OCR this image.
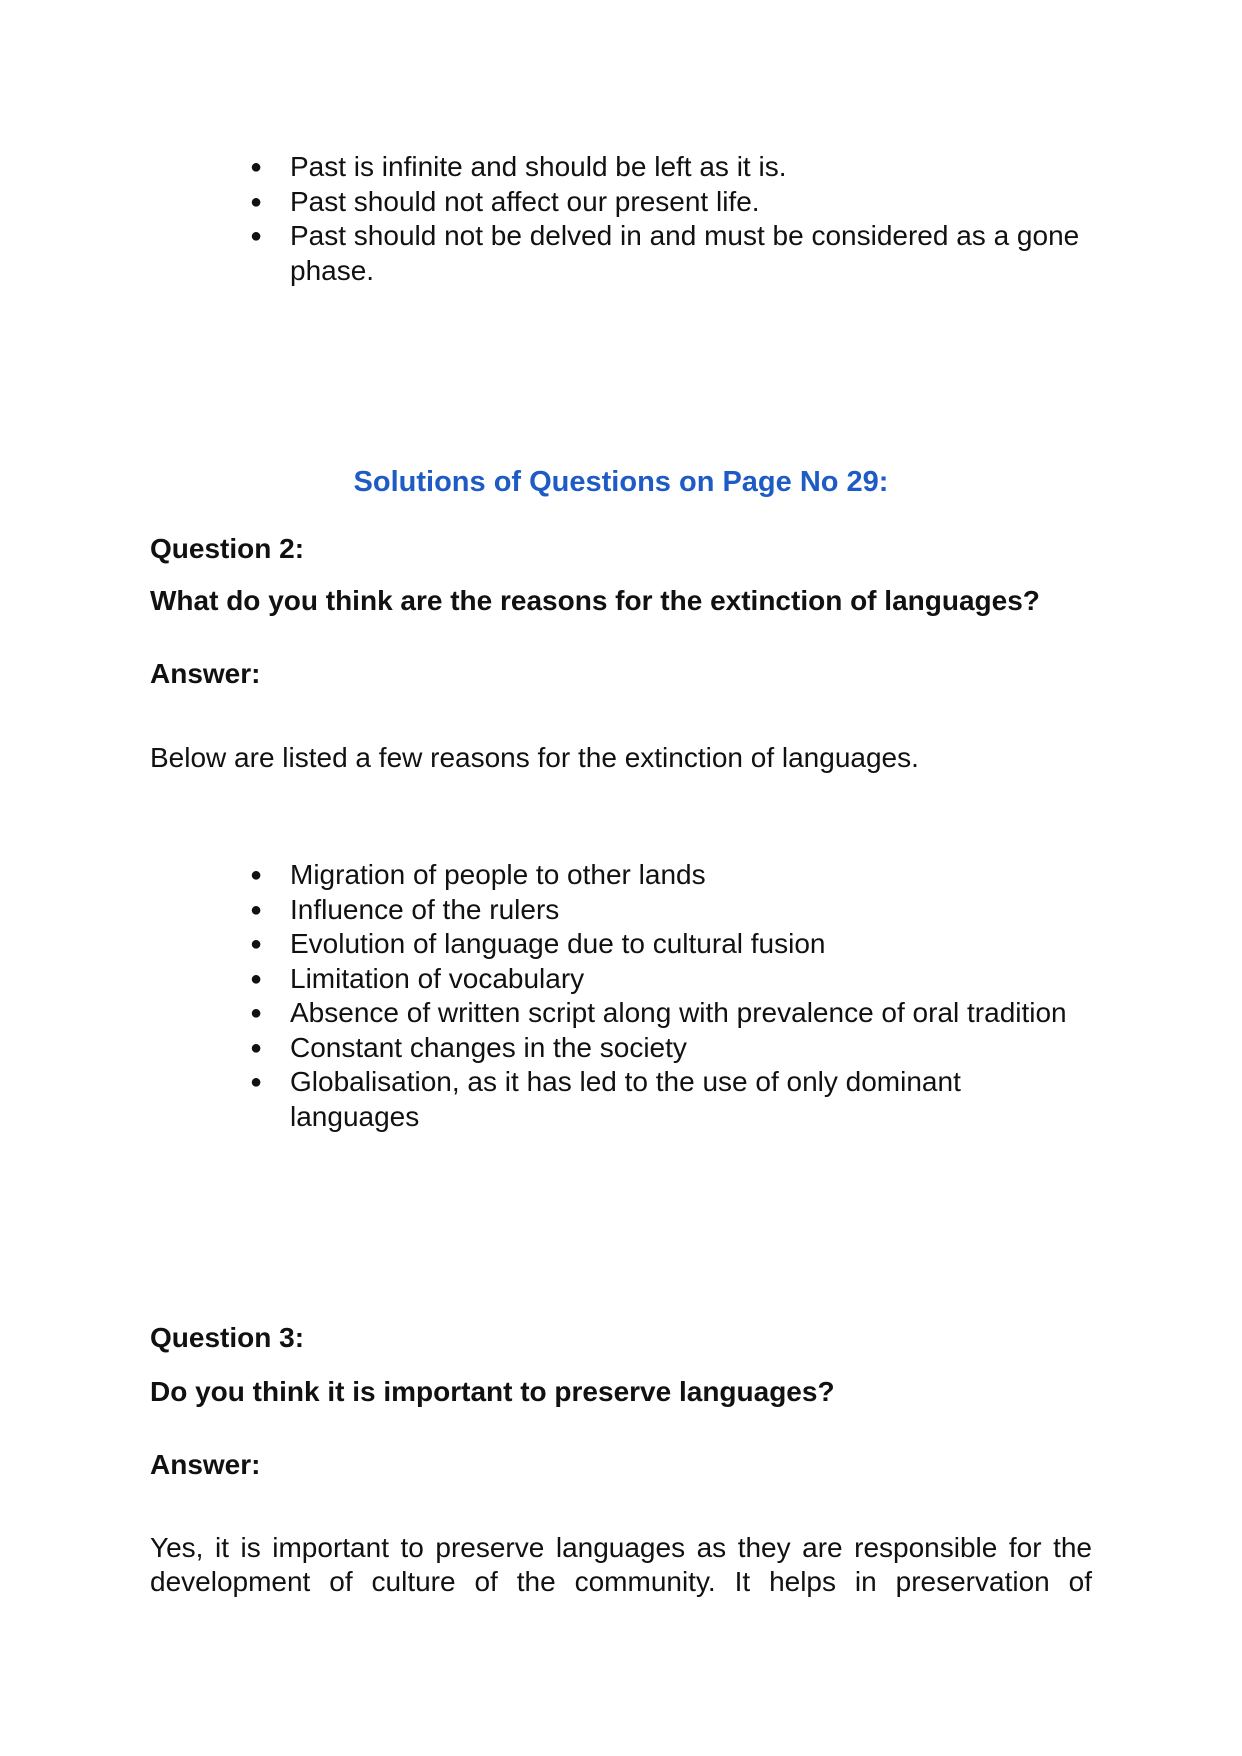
● Past is infinite and should be left as it is.
● Past should not affect our present life.
● Past should not be delved in and must be considered as a gone phase.
Solutions of Questions on Page No 29:
Question 2:
What do you think are the reasons for the extinction of languages?
Answer:
Below are listed a few reasons for the extinction of languages.
● Migration of people to other lands
● Influence of the rulers
● Evolution of language due to cultural fusion
● Limitation of vocabulary
● Absence of written script along with prevalence of oral tradition
● Constant changes in the society
● Globalisation, as it has led to the use of only dominant languages
Question 3:
Do you think it is important to preserve languages?
Answer:
Yes, it is important to preserve languages as they are responsible for the
development of culture of the community. It helps in preservation of
